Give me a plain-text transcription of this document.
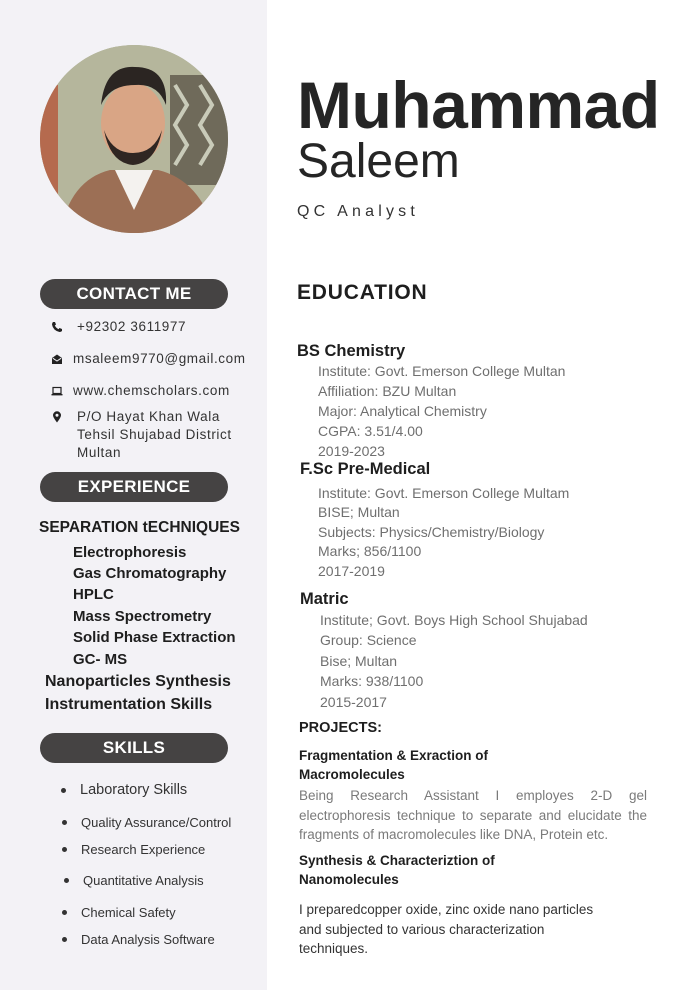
CONTACT ME
+92302 3611977
msaleem9770@gmail.com
www.chemscholars.com
P/O Hayat Khan Wala
Tehsil Shujabad District
Multan
EXPERIENCE
SEPARATION tECHNIQUES
Electrophoresis
Gas Chromatography
HPLC
Mass Spectrometry
Solid Phase Extraction
GC- MS
Nanoparticles Synthesis
Instrumentation Skills
SKILLS
Laboratory Skills
Quality Assurance/Control
Research Experience
Quantitative Analysis
Chemical Safety
Data Analysis Software
Muhammad
Saleem
QC Analyst
EDUCATION
BS Chemistry
Institute: Govt. Emerson College Multan
Affiliation: BZU Multan
Major: Analytical Chemistry
CGPA: 3.51/4.00
2019-2023
F.Sc Pre-Medical
Institute: Govt. Emerson College Multam
BISE; Multan
Subjects: Physics/Chemistry/Biology
Marks; 856/1100
2017-2019
Matric
Institute; Govt. Boys High School Shujabad
Group: Science
Bise; Multan
Marks: 938/1100
2015-2017
PROJECTS:
Fragmentation & Exraction of
Macromolecules
Being Research Assistant I employes 2-D gel electrophoresis technique to separate and elucidate the fragments of macromolecules like DNA, Protein etc.
Synthesis & Characteriztion of
Nanomolecules
I preparedcopper oxide, zinc oxide nano particles
and subjected to various characterization
techniques.
